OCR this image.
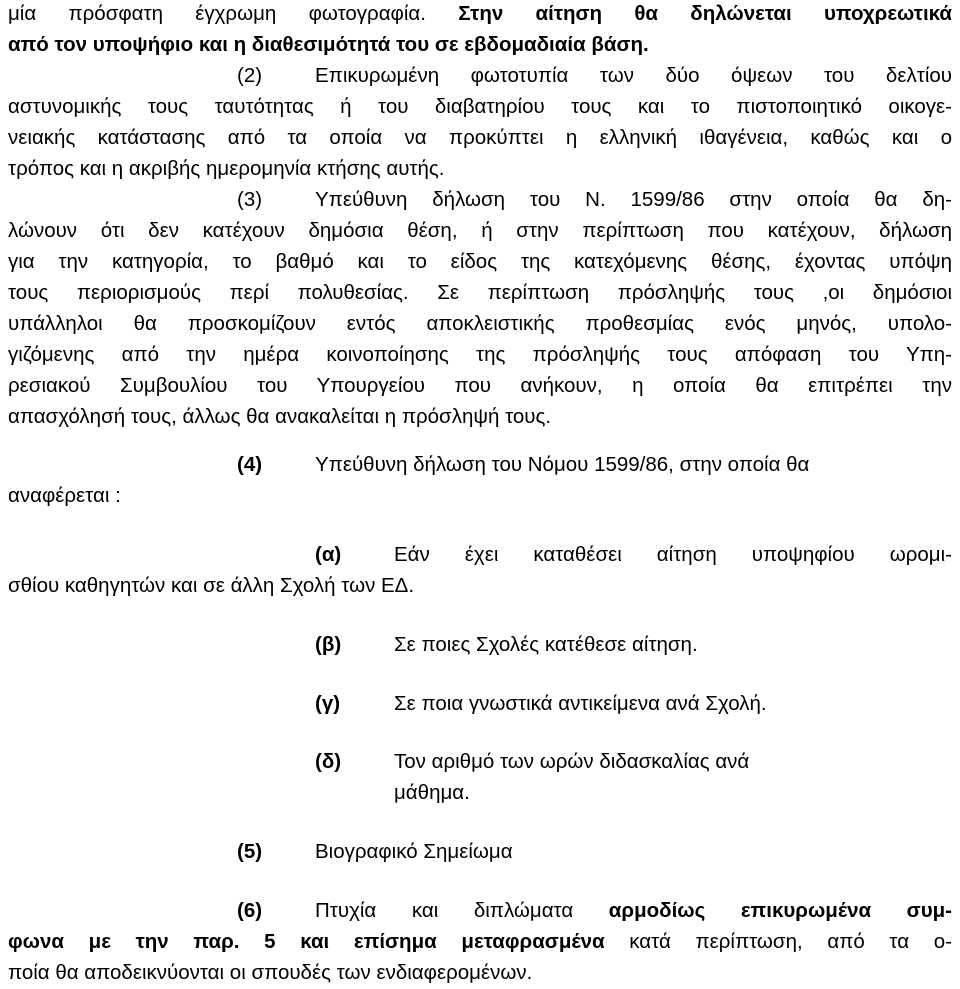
μία πρόσφατη έγχρωμη φωτογραφία. Στην αίτηση θα δηλώνεται υποχρεωτικά
από τον υποψήφιο και η διαθεσιμότητά του σε εβδομαδιαία βάση.
(2)	Επικυρωμένη φωτοτυπία των δύο όψεων του δελτίου
αστυνομικής τους ταυτότητας ή του διαβατηρίου τους και το πιστοποιητικό οικογε-
νειακής κατάστασης από τα οποία να προκύπτει η ελληνική ιθαγένεια, καθώς και ο
τρόπος και η ακριβής ημερομηνία κτήσης αυτής.
(3)	Υπεύθυνη δήλωση του Ν. 1599/86 στην οποία θα δη-
λώνουν ότι δεν κατέχουν δημόσια θέση, ή στην περίπτωση που κατέχουν, δήλωση
για την κατηγορία, το βαθμό και το είδος της κατεχόμενης θέσης, έχοντας υπόψη
τους περιορισμούς περί πολυθεσίας. Σε περίπτωση πρόσληψής τους ,οι δημόσιοι
υπάλληλοι θα προσκομίζουν εντός αποκλειστικής προθεσμίας ενός μηνός, υπολο-
γιζόμενης από την ημέρα κοινοποίησης της πρόσληψής τους απόφαση του Υπη-
ρεσιακού Συμβουλίου του Υπουργείου που ανήκουν, η οποία θα επιτρέπει την
απασχόλησή τους, άλλως θα ανακαλείται η πρόσληψή τους.
(4)	Υπεύθυνη δήλωση του Νόμου 1599/86, στην οποία θα
αναφέρεται :
(α)	Εάν έχει καταθέσει αίτηση υποψηφίου ωρομι-
σθίου καθηγητών και σε άλλη Σχολή των ΕΔ.
(β)	Σε ποιες Σχολές κατέθεσε αίτηση.
(γ)	Σε ποια γνωστικά αντικείμενα ανά Σχολή.
(δ)	Τον αριθμό των ωρών διδασκαλίας ανά
μάθημα.
(5)	Βιογραφικό Σημείωμα
(6)	Πτυχία και διπλώματα αρμοδίως επικυρωμένα συμ-
φωνα με την παρ. 5 και επίσημα μεταφρασμένα κατά περίπτωση, από τα ο-
ποία θα αποδεικνύονται οι σπουδές των ενδιαφερομένων.
